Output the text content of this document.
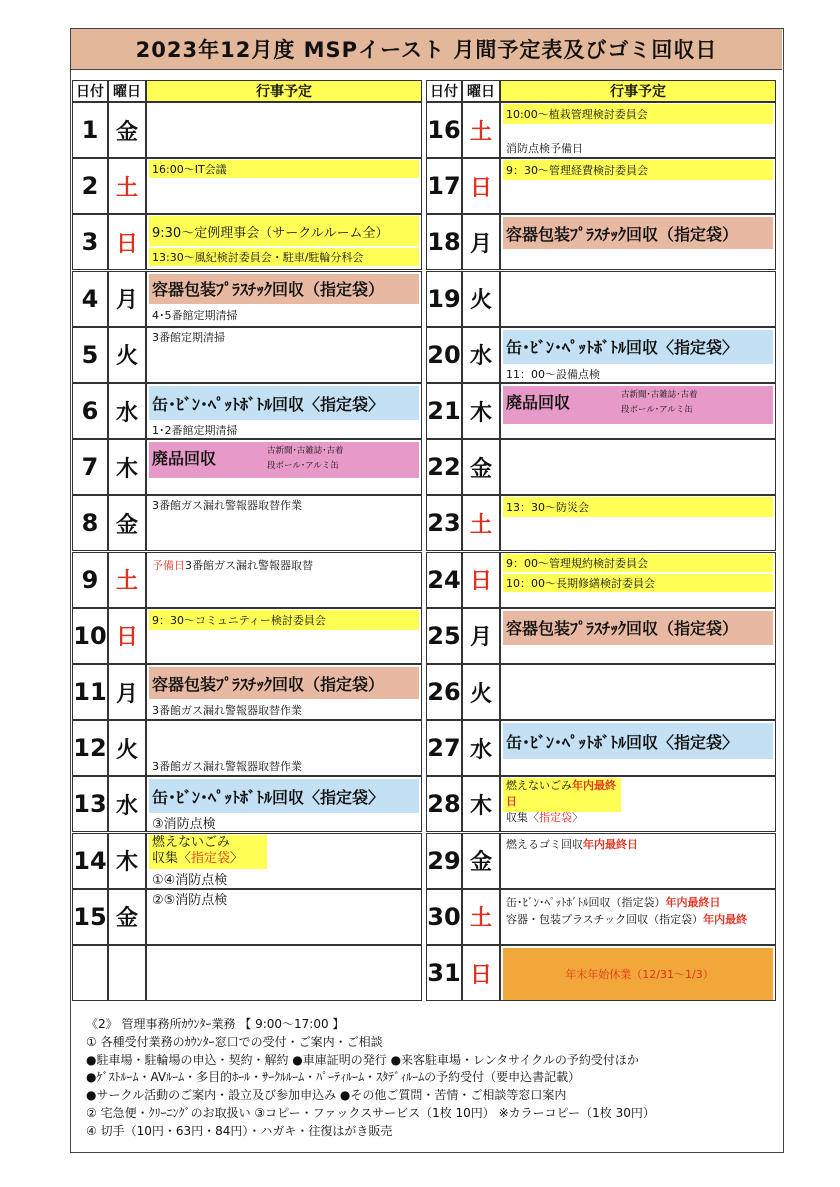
2023年12月度 MSPイースト 月間予定表及びゴミ回収日
日付 曜日	行事予定
1 金
2 土
16:00～IT会議
3 日	9:30～定例理事会（サークルルーム全）
13:30～風紀検討委員会・駐車/駐輪分科会
4 月 容器包装ﾌﾟﾗｽﾁｯｸ回収（指定袋）
4･5番館定期清掃
5 火
3番館定期清掃
6 水 缶･ﾋﾞﾝ･ﾍﾟｯﾄﾎﾞﾄﾙ回収〈指定袋〉
1･2番館定期清掃
7 木 廃品回収	古新聞･古雑誌･古着
段ボール･アルミ缶
8 金
3番館ガス漏れ警報器取替作業
9 土
予備日 3番館ガス漏れ警報器取替
10 日
9：30～コミュニティー検討委員会
11 月 容器包装ﾌﾟﾗｽﾁｯｸ回収（指定袋）
3番館ガス漏れ警報器取替作業
12 火
3番館ガス漏れ警報器取替作業
13 水 缶･ﾋﾞﾝ･ﾍﾟｯﾄﾎﾞﾄﾙ回収〈指定袋〉
③消防点検
14 木
燃えないごみ
収集〈指定袋〉
①④消防点検
15 金
②⑤消防点検
日付 曜日	行事予定
16 土
10:00～植栽管理検討委員会
消防点検予備日
17 日
9：30～管理経費検討委員会
18 月 容器包装ﾌﾟﾗｽﾁｯｸ回収（指定袋）
19 火
20 水 缶･ﾋﾞﾝ･ﾍﾟｯﾄﾎﾞﾄﾙ回収〈指定袋〉
11：00～設備点検
21 木 廃品回収	古新聞･古雑誌･古着
段ボール･アルミ缶
22 金
23 土
13：30～防災会
24 日
9：00～管理規約検討委員会
10：00～長期修繕検討委員会
25 月 容器包装ﾌﾟﾗｽﾁｯｸ回収（指定袋）
26 火
27 水 缶･ﾋﾞﾝ･ﾍﾟｯﾄﾎﾞﾄﾙ回収〈指定袋〉
28 木
燃えないごみ年内最終日
収集〈指定袋〉
29 金
燃えるゴミ回収 年内最終日
30 土
缶･ﾋﾞﾝ･ﾍﾟｯﾄﾎﾞﾄﾙ回収（指定袋） 年内最終日
容器・包装プラスチック回収（指定袋） 年内最終
31 日	年末年始休業（12/31～1/3）
《2》 管理事務所ｶｳﾝﾀｰ業務 【 9:00～17:00 】
① 各種受付業務のｶｳﾝﾀｰ窓口での受付・ご案内・ご相談
●駐車場・駐輪場の申込・契約・解約 ●車庫証明の発行 ●来客駐車場・レンタサイクルの予約受付ほか
●ｹﾞｽﾄﾙｰﾑ・AVﾙｰﾑ・多目的ﾎｰﾙ・ｻｰｸﾙﾙｰﾑ・ﾊﾟｰﾃｨﾙｰﾑ・ｽﾀﾃﾞｨﾙｰﾑの予約受付（要申込書記載）
●サークル活動のご案内・設立及び参加申込み ●その他ご質問・苦情・ご相談等窓口案内
② 宅急便・ｸﾘｰﾆﾝｸﾞのお取扱い ③コピー・ファックスサービス（1枚 10円） ※カラーコピー（1枚 30円）
④ 切手（10円・63円・84円）・ハガキ・往復はがき販売
